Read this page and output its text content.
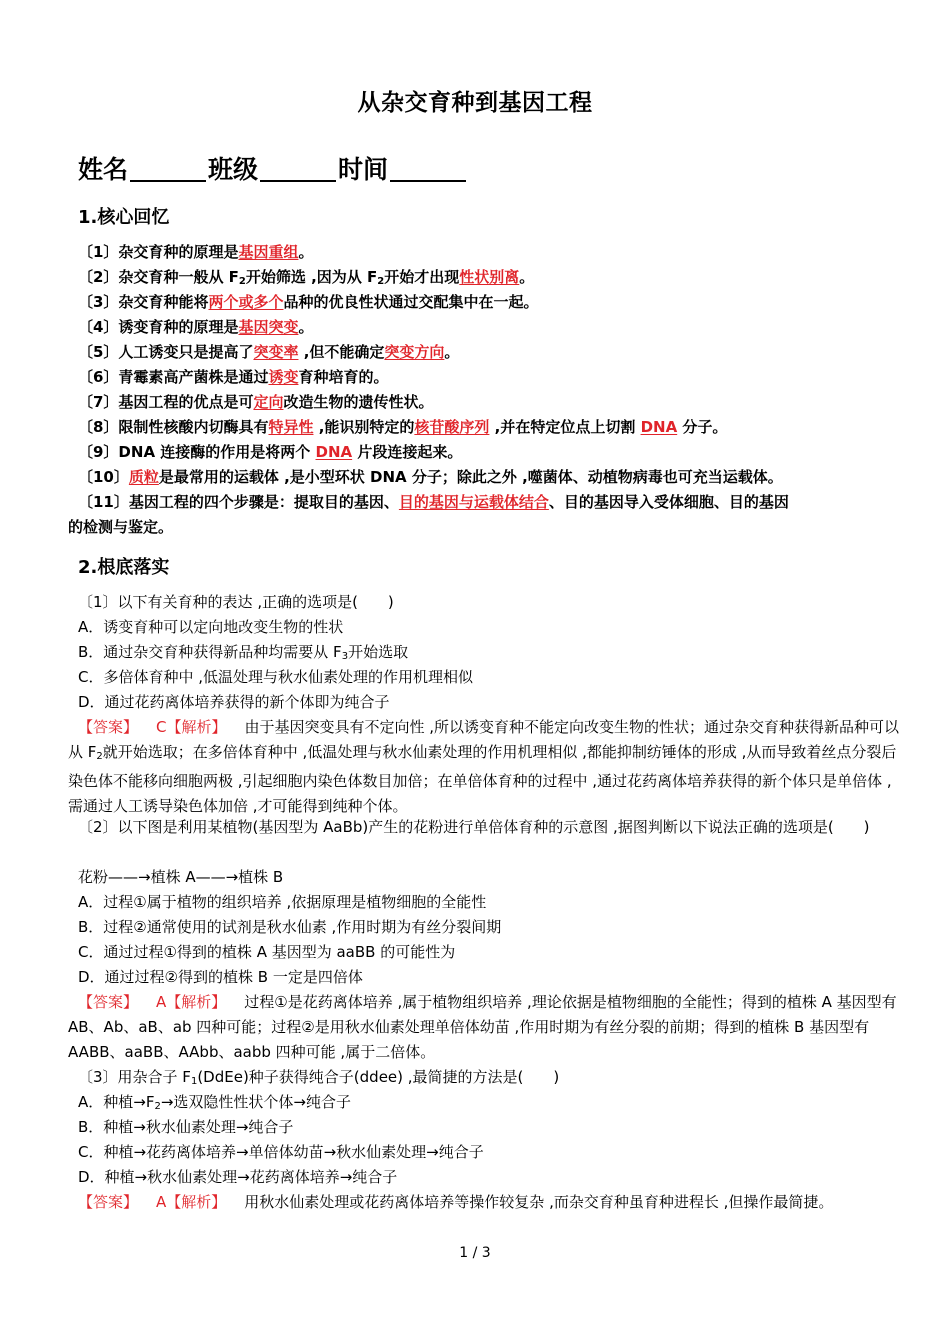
从杂交育种到基因工程
姓名	班级	时间
1.核心回忆
〔1〕杂交育种的原理是基因重组。
〔2〕杂交育种一般从 $F_2$开始筛选 ,因为从 $F_2$开始才出现性状别离。
〔3〕杂交育种能将两个或多个品种的优良性状通过交配集中在一起。
〔4〕诱变育种的原理是基因突变。
〔5〕人工诱变只是提高了突变率 ,但不能确定突变方向。
〔6〕青霉素高产菌株是通过诱变育种培育的。
〔7〕基因工程的优点是可定向改造生物的遗传性状。
〔8〕限制性核酸内切酶具有特异性 ,能识别特定的核苷酸序列 ,并在特定位点上切割 DNA 分子。
〔9〕DNA 连接酶的作用是将两个 DNA 片段连接起来。
〔10〕质粒是最常用的运载体 ,是小型环状 DNA 分子；除此之外 ,噬菌体、动植物病毒也可充当运载体。
〔11〕基因工程的四个步骤是：提取目的基因、目的基因与运载体结合、目的基因导入受体细胞、目的基因
的检测与鉴定。
2.根底落实
〔1〕以下有关育种的表达 ,正确的选项是(　　)
A．诱变育种可以定向地改变生物的性状
B．通过杂交育种获得新品种均需要从 $F_3$开始选取
C．多倍体育种中 ,低温处理与秋水仙素处理的作用机理相似
D．通过花药离体培养获得的新个体即为纯合子
【答案】 C【解析】 由于基因突变具有不定向性 ,所以诱变育种不能定向改变生物的性状；通过杂交育种获得新品种可以从 $F_2$就开始选取；在多倍体育种中 ,低温处理与秋水仙素处理的作用机理相似 ,都能抑制纺锤体的形成 ,从而导致着丝点分裂后染色体不能移向细胞两极 ,引起细胞内染色体数目加倍；在单倍体育种的过程中 ,通过花药离体培养获得的新个体只是单倍体 ,需通过人工诱导染色体加倍 ,才可能得到纯种个体。
〔2〕以下图是利用某植物(基因型为 AaBb)产生的花粉进行单倍体育种的示意图 ,据图判断以下说法正确的选项是(　　)
花粉——→植株 A——→植株 B
A．过程①属于植物的组织培养 ,依据原理是植物细胞的全能性
B．过程②通常使用的试剂是秋水仙素 ,作用时期为有丝分裂间期
C．通过过程①得到的植株 A 基因型为 aaBB 的可能性为
D．通过过程②得到的植株 B 一定是四倍体
【答案】 A【解析】 过程①是花药离体培养 ,属于植物组织培养 ,理论依据是植物细胞的全能性；得到的植株 A 基因型有 AB、Ab、aB、ab 四种可能；过程②是用秋水仙素处理单倍体幼苗 ,作用时期为有丝分裂的前期；得到的植株 B 基因型有 AABB、aaBB、AAbb、aabb 四种可能 ,属于二倍体。
〔3〕用杂合子 $F_1(DdEe)$种子获得纯合子(ddee) ,最简捷的方法是(　　)
A．种植$\to F_2\to$选双隐性性状个体→纯合子
B．种植→秋水仙素处理→纯合子
C．种植→花药离体培养→单倍体幼苗→秋水仙素处理→纯合子
D．种植→秋水仙素处理→花药离体培养→纯合子
【答案】 A【解析】 用秋水仙素处理或花药离体培养等操作较复杂 ,而杂交育种虽育种进程长 ,但操作最简捷。
1 / 3
